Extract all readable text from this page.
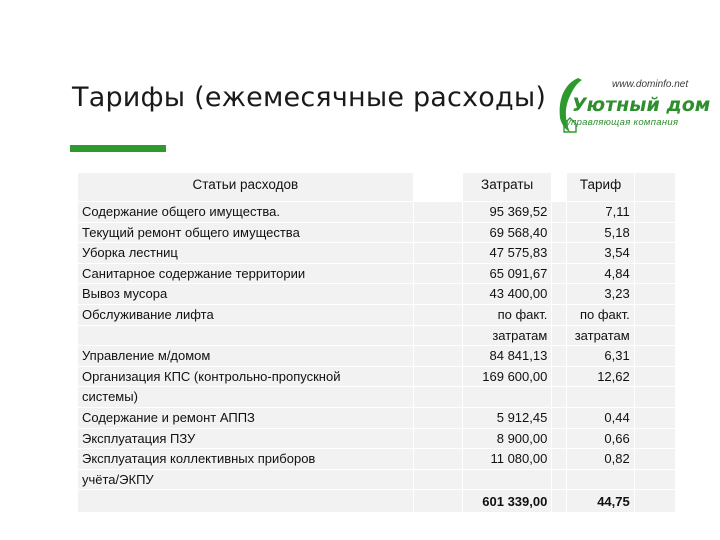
Тарифы (ежемесячные расходы)	www.dominfo.net
Уютный дом
управляющая компания
Статьи расходов		Затраты		Тариф	
Содержание общего имущества.		95 369,52		7,11	
Текущий ремонт общего имущества		69 568,40		5,18	
Уборка лестниц		47 575,83		3,54	
Санитарное содержание территории		65 091,67		4,84	
Вывоз мусора		43 400,00		3,23	
Обслуживание лифта		по факт.		по факт.	
		затратам		затратам	
Управление м/домом		84 841,13		6,31	
Организация КПС (контрольно-пропускной		169 600,00		12,62	
системы)					
Содержание и ремонт АППЗ		5 912,45		0,44	
Эксплуатация ПЗУ		8 900,00		0,66	
Эксплуатация коллективных приборов		11 080,00		0,82	
учёта/ЭКПУ					
		601 339,00		44,75	
